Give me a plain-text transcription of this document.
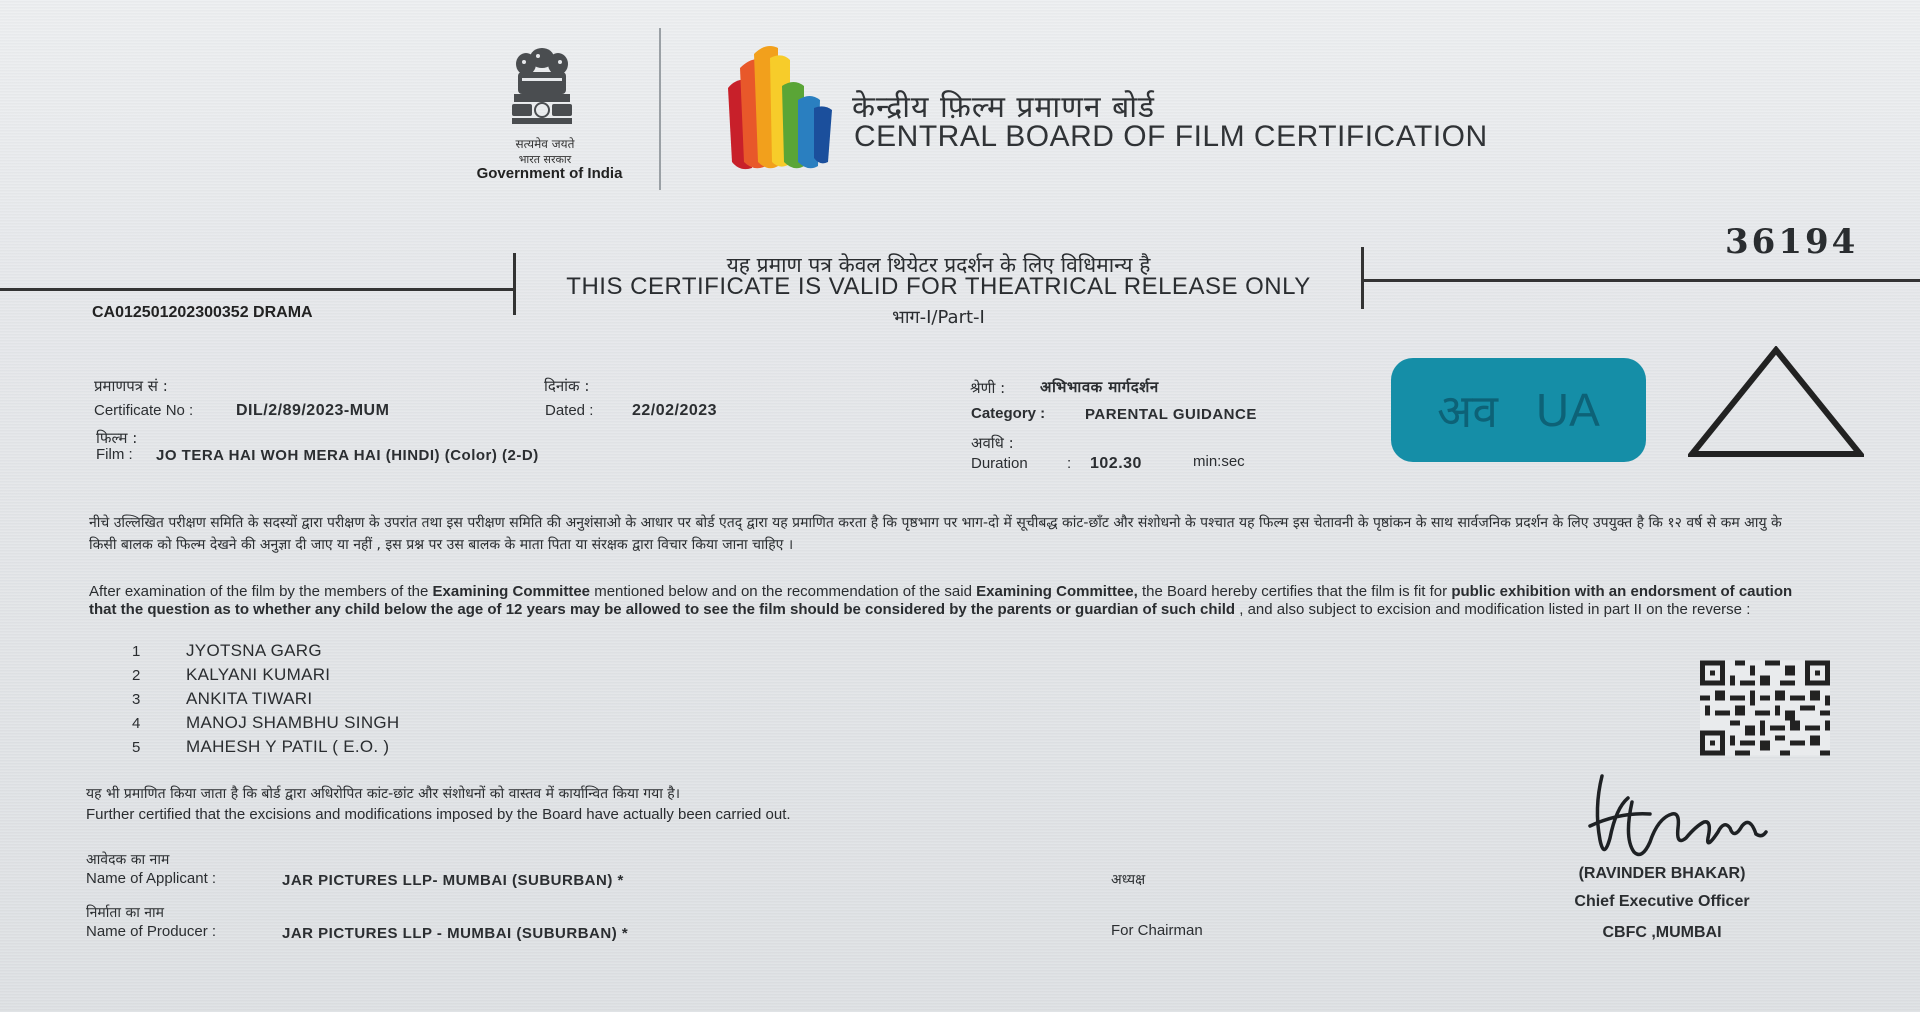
सत्यमेव जयते
भारत सरकार
Government of India
केन्द्रीय फ़िल्म प्रमाणन बोर्ड
CENTRAL BOARD OF FILM CERTIFICATION
36194
यह प्रमाण पत्र केवल थियेटर प्रदर्शन के लिए विधिमान्य है
THIS CERTIFICATE IS VALID FOR THEATRICAL RELEASE ONLY
भाग-I/Part-I
CA012501202300352 DRAMA
प्रमाणपत्र सं :
Certificate No :	DIL/2/89/2023-MUM
दिनांक :
Dated : 22/02/2023
श्रेणी : अभिभावक मार्गदर्शन
Category :	PARENTAL GUIDANCE
फिल्म :
Film : JO TERA HAI WOH MERA HAI (HINDI) (Color) (2-D)
अवधि :
Duration	: 102.30	min:sec
अव UA
नीचे उल्लिखित परीक्षण समिति के सदस्यों द्वारा परीक्षण के उपरांत तथा इस परीक्षण समिति की अनुशंसाओ के आधार पर बोर्ड एतद् द्वारा यह प्रमाणित करता है कि पृष्ठभाग पर भाग-दो में सूचीबद्ध कांट-छाँट और संशोधनो के पश्चात यह फिल्म इस चेतावनी के पृष्ठांकन के साथ सार्वजनिक प्रदर्शन के लिए उपयुक्त है कि १२ वर्ष से कम आयु के किसी बालक को फिल्म देखने की अनुज्ञा दी जाए या नहीं , इस प्रश्न पर उस बालक के माता पिता या संरक्षक द्वारा विचार किया जाना चाहिए ।
After examination of the film by the members of the Examining Committee mentioned below and on the recommendation of the said Examining Committee, the Board hereby certifies that the film is fit for public exhibition with an endorsment of caution that the question as to whether any child below the age of 12 years may be allowed to see the film should be considered by the parents or guardian of such child , and also subject to excision and modification listed in part II on the reverse :
1	JYOTSNA GARG
2	KALYANI KUMARI
3	ANKITA TIWARI
4	MANOJ SHAMBHU SINGH
5	MAHESH Y PATIL ( E.O. )
यह भी प्रमाणित किया जाता है कि बोर्ड द्वारा अधिरोपित कांट-छांट और संशोधनों को वास्तव में कार्यान्वित किया गया है।
Further certified that the excisions and modifications imposed by the Board have actually been carried out.
आवेदक का नाम
Name of Applicant :	JAR PICTURES LLP- MUMBAI (SUBURBAN) *
निर्माता का नाम
Name of Producer :	JAR PICTURES LLP - MUMBAI (SUBURBAN) *
अध्यक्ष
For Chairman
(RAVINDER BHAKAR)
Chief Executive Officer
CBFC ,MUMBAI
